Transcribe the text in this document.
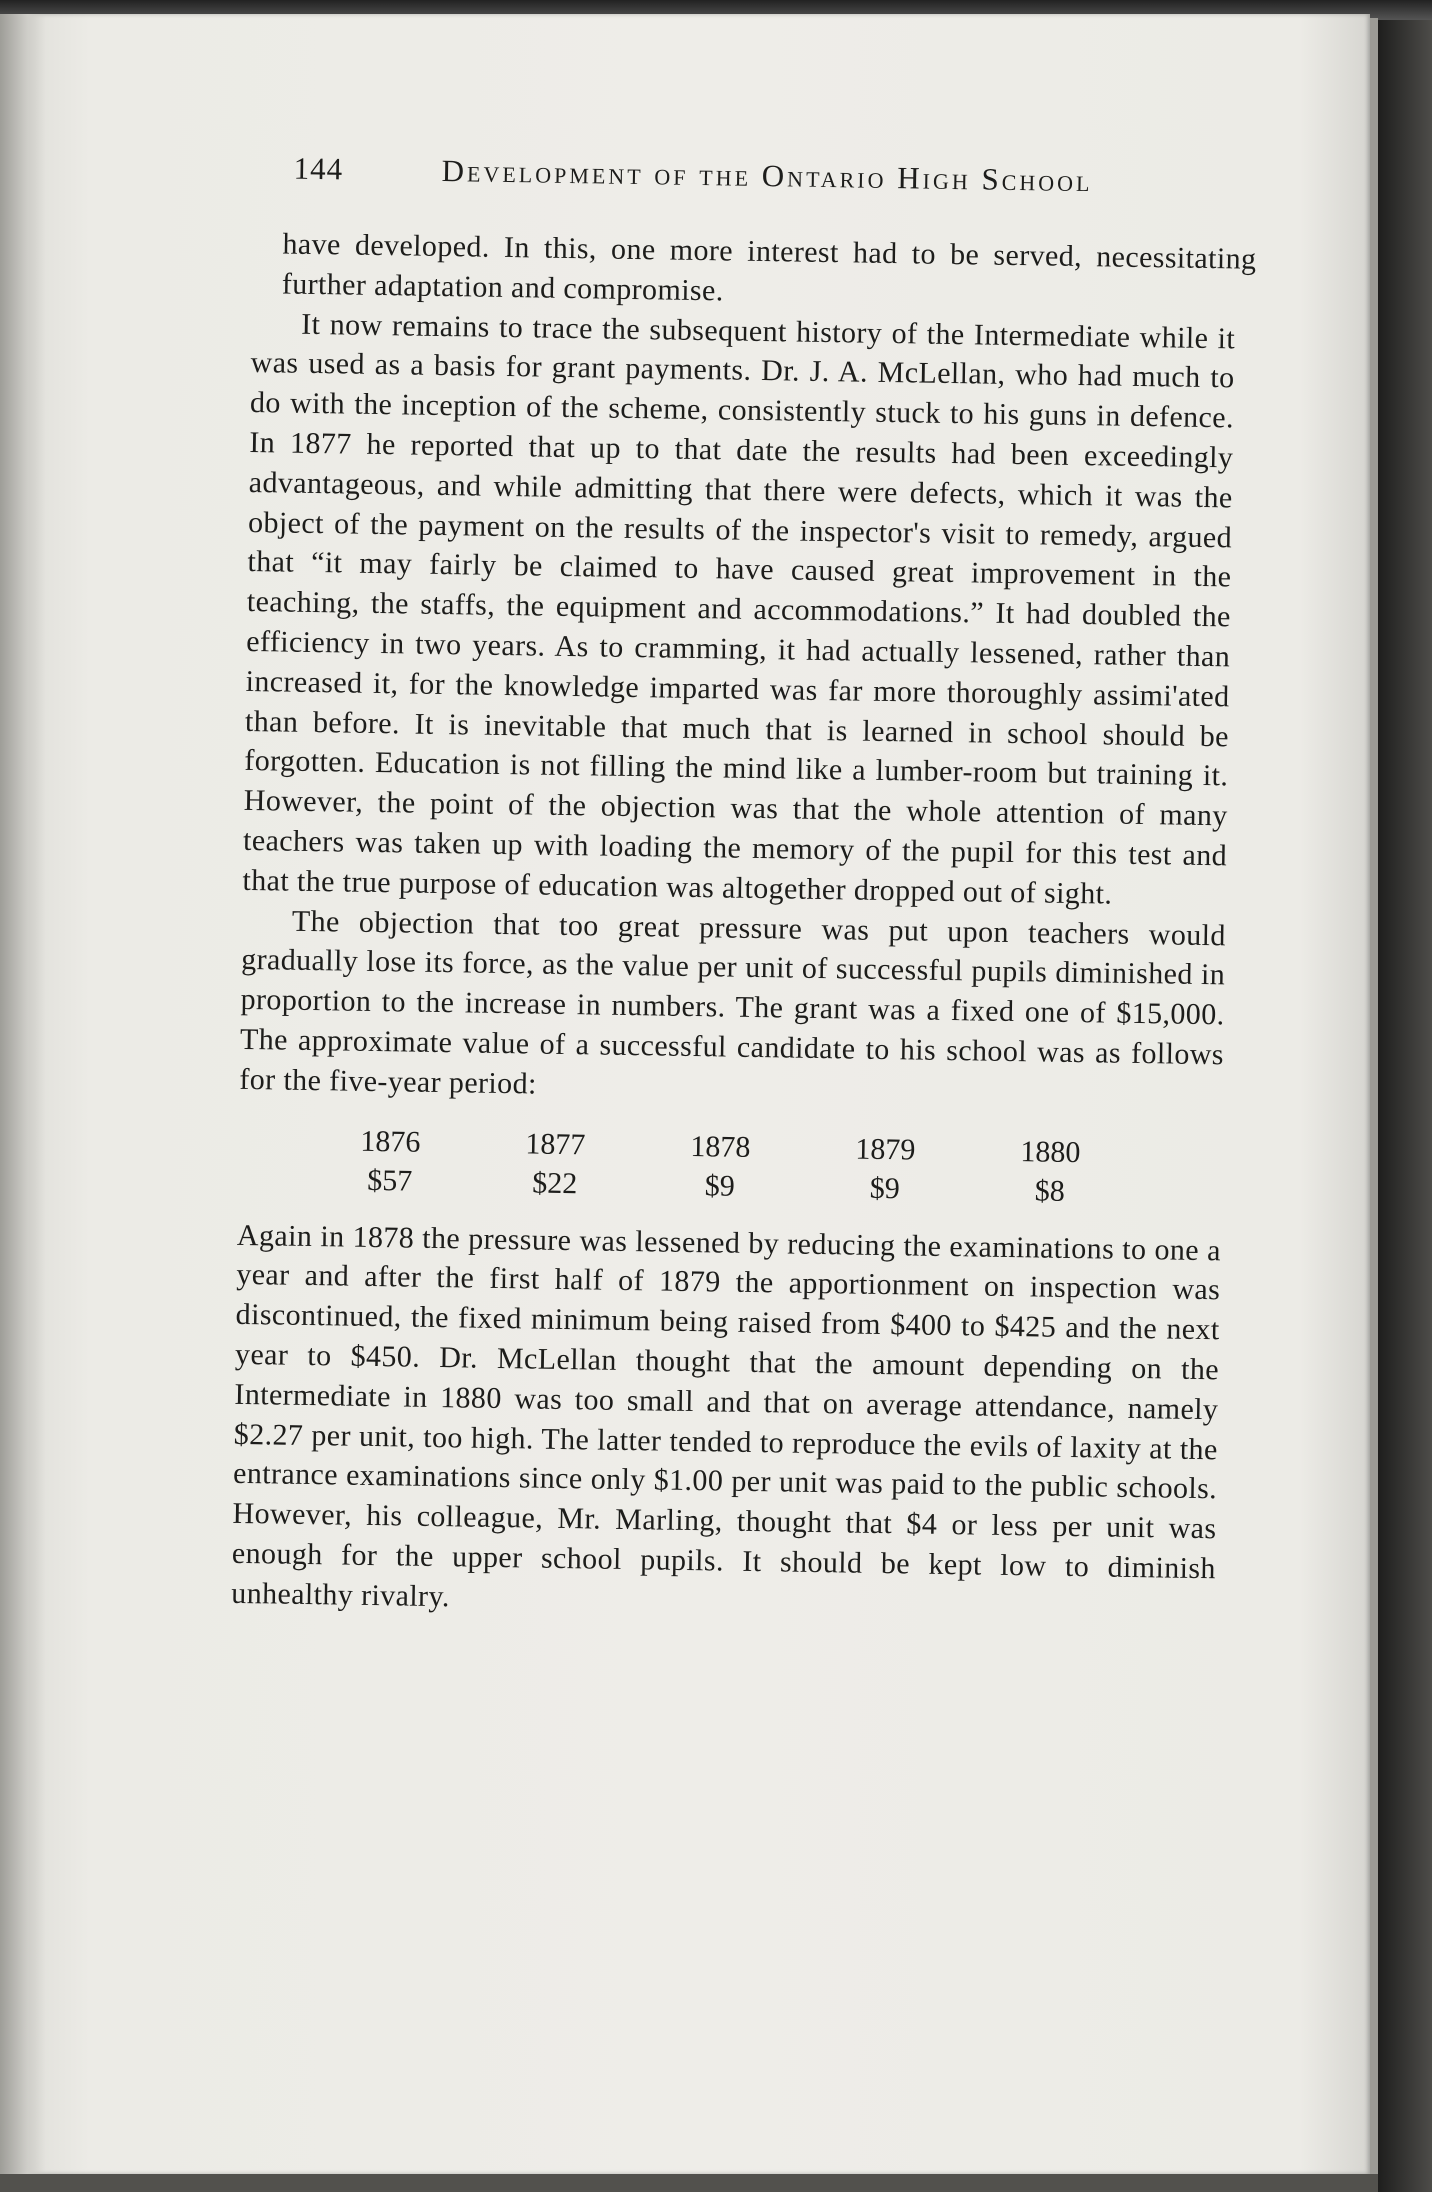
144	Development of the Ontario High School

have developed. In this, one more interest had to be served, necessitating further adaptation and compromise.

It now remains to trace the subsequent history of the Intermediate while it was used as a basis for grant payments. Dr. J. A. McLellan, who had much to do with the inception of the scheme, consistently stuck to his guns in defence. In 1877 he reported that up to that date the results had been exceedingly advantageous, and while admitting that there were defects, which it was the object of the payment on the results of the inspector's visit to remedy, argued that “it may fairly be claimed to have caused great improvement in the teaching, the staffs, the equipment and accommodations.” It had doubled the efficiency in two years. As to cramming, it had actually lessened, rather than increased it, for the knowledge imparted was far more thoroughly assimi'ated than before. It is inevitable that much that is learned in school should be forgotten. Education is not filling the mind like a lumber-room but training it. However, the point of the objection was that the whole attention of many teachers was taken up with loading the memory of the pupil for this test and that the true purpose of education was altogether dropped out of sight.

The objection that too great pressure was put upon teachers would gradually lose its force, as the value per unit of successful pupils diminished in proportion to the increase in numbers. The grant was a fixed one of $15,000. The approximate value of a successful candidate to his school was as follows for the five-year period:

1876
$57
1877
$22
1878
$9
1879
$9
1880
$8

Again in 1878 the pressure was lessened by reducing the examinations to one a year and after the first half of 1879 the apportionment on inspection was discontinued, the fixed minimum being raised from $400 to $425 and the next year to $450. Dr. McLellan thought that the amount depending on the Intermediate in 1880 was too small and that on average attendance, namely $2.27 per unit, too high. The latter tended to reproduce the evils of laxity at the entrance examinations since only $1.00 per unit was paid to the public schools. However, his colleague, Mr. Marling, thought that $4 or less per unit was enough for the upper school pupils. It should be kept low to diminish unhealthy rivalry.
